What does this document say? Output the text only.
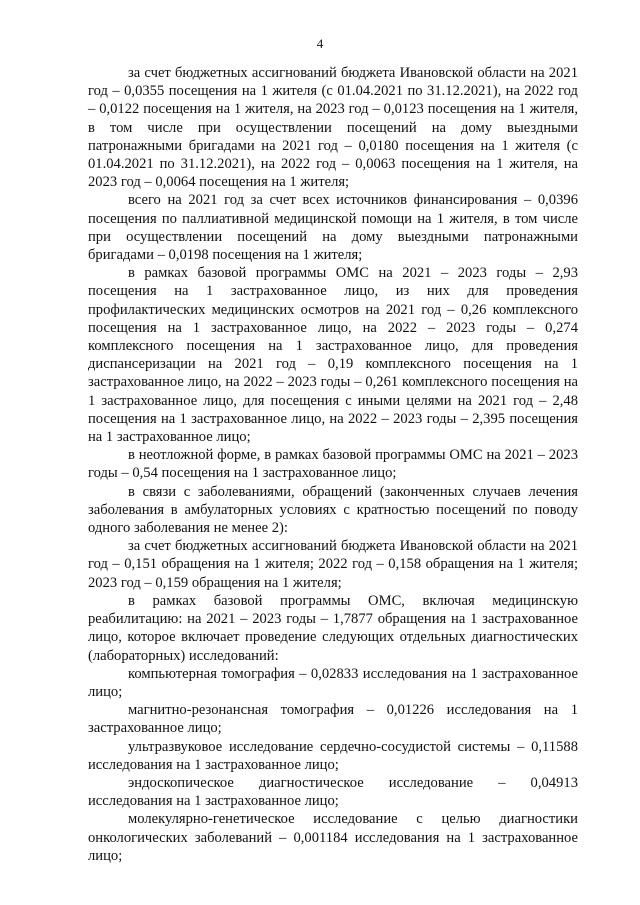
4

за счет бюджетных ассигнований бюджета Ивановской области на 2021 год – 0,0355 посещения на 1 жителя (с 01.04.2021 по 31.12.2021), на 2022 год – 0,0122 посещения на 1 жителя, на 2023 год – 0,0123 посещения на 1 жителя, в том числе при осуществлении посещений на дому выездными патронажными бригадами на 2021 год – 0,0180 посещения на 1 жителя (с 01.04.2021 по 31.12.2021), на 2022 год – 0,0063 посещения на 1 жителя, на 2023 год – 0,0064 посещения на 1 жителя;

всего на 2021 год за счет всех источников финансирования – 0,0396 посещения по паллиативной медицинской помощи на 1 жителя, в том числе при осуществлении посещений на дому выездными патронажными бригадами – 0,0198 посещения на 1 жителя;

в рамках базовой программы ОМС на 2021 – 2023 годы – 2,93 посещения на 1 застрахованное лицо, из них для проведения профилактических медицинских осмотров на 2021 год – 0,26 комплексного посещения на 1 застрахованное лицо, на 2022 – 2023 годы – 0,274 комплексного посещения на 1 застрахованное лицо, для проведения диспансеризации на 2021 год – 0,19 комплексного посещения на 1 застрахованное лицо, на 2022 – 2023 годы – 0,261 комплексного посещения на 1 застрахованное лицо, для посещения с иными целями на 2021 год – 2,48 посещения на 1 застрахованное лицо, на 2022 – 2023 годы – 2,395 посещения на 1 застрахованное лицо;

в неотложной форме, в рамках базовой программы ОМС на 2021 – 2023 годы – 0,54 посещения на 1 застрахованное лицо;

в связи с заболеваниями, обращений (законченных случаев лечения заболевания в амбулаторных условиях с кратностью посещений по поводу одного заболевания не менее 2):

за счет бюджетных ассигнований бюджета Ивановской области на 2021 год – 0,151 обращения на 1 жителя; 2022 год – 0,158 обращения на 1 жителя; 2023 год – 0,159 обращения на 1 жителя;

в рамках базовой программы ОМС, включая медицинскую реабилитацию: на 2021 – 2023 годы – 1,7877 обращения на 1 застрахованное лицо, которое включает проведение следующих отдельных диагностических (лабораторных) исследований:

компьютерная томография – 0,02833 исследования на 1 застрахованное лицо;

магнитно-резонансная томография – 0,01226 исследования на 1 застрахованное лицо;

ультразвуковое исследование сердечно-сосудистой системы – 0,11588 исследования на 1 застрахованное лицо;

эндоскопическое диагностическое исследование – 0,04913 исследования на 1 застрахованное лицо;

молекулярно-генетическое исследование с целью диагностики онкологических заболеваний – 0,001184 исследования на 1 застрахованное лицо;
